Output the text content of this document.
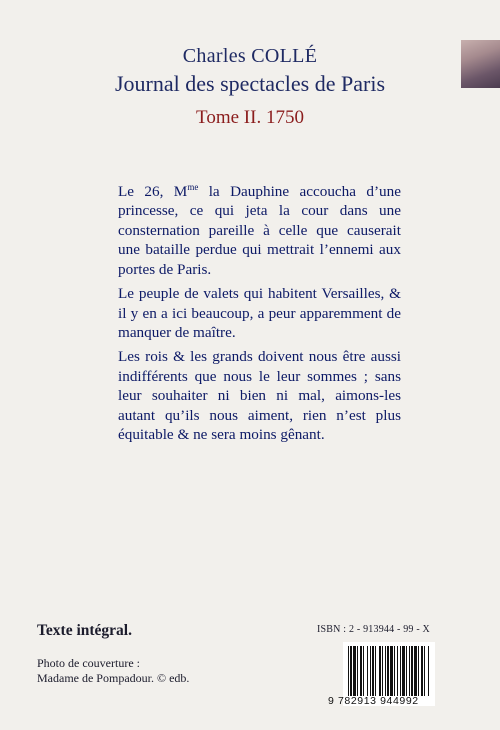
Charles COLLÉ
Journal des spectacles de Paris
Tome II. 1750

Le 26, $M^{me}$ la Dauphine accoucha d’une princesse, ce qui jeta la cour dans une consternation pareille à celle que causerait une bataille perdue qui mettrait l’ennemi aux portes de Paris.

Le peuple de valets qui habitent Versailles, & il y en a ici beaucoup, a peur apparemment de manquer de maître.

Les rois & les grands doivent nous être aussi indifférents que nous le leur sommes ; sans leur souhaiter ni bien ni mal, aimons-les autant qu’ils nous aiment, rien n’est plus équitable & ne sera moins gênant.

Texte intégral.
Photo de couverture :
Madame de Pompadour. © edb.
ISBN : 2 - 913944 - 99 - X
9 782913 944992
